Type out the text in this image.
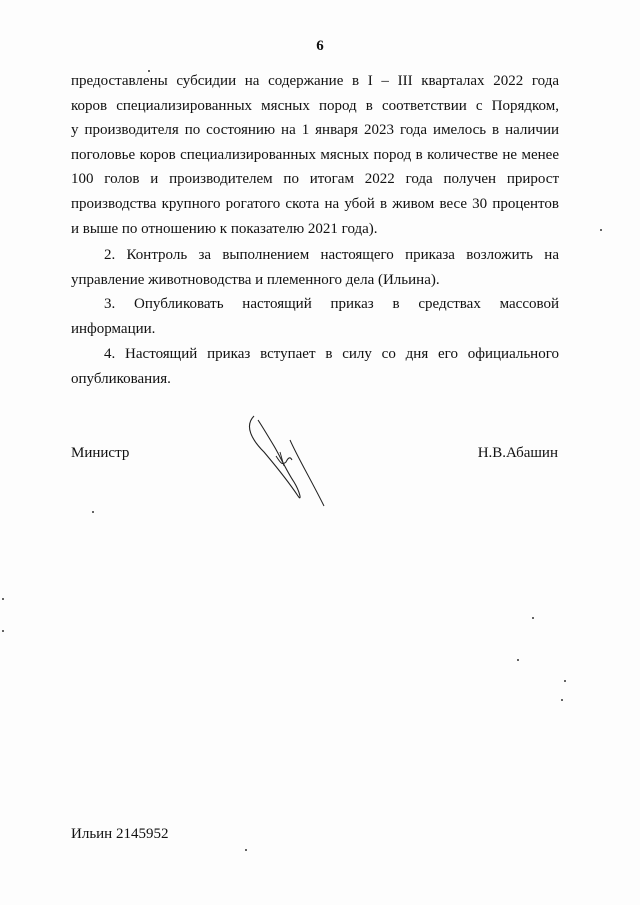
6
предоставлены субсидии на содержание в I – III кварталах 2022 года
коров специализированных мясных пород в соответствии с Порядком,
у производителя по состоянию на 1 января 2023 года имелось в наличии
поголовье коров специализированных мясных пород в количестве не менее
100 голов и производителем по итогам 2022 года получен прирост
производства крупного рогатого скота на убой в живом весе 30 процентов
и выше по отношению к показателю 2021 года).
2. Контроль за выполнением настоящего приказа возложить на
управление животноводства и племенного дела (Ильина).
3. Опубликовать настоящий приказ в средствах массовой
информации.
4. Настоящий приказ вступает в силу со дня его официального
опубликования.
Министр	Н.В.Абашин
Ильин 2145952
